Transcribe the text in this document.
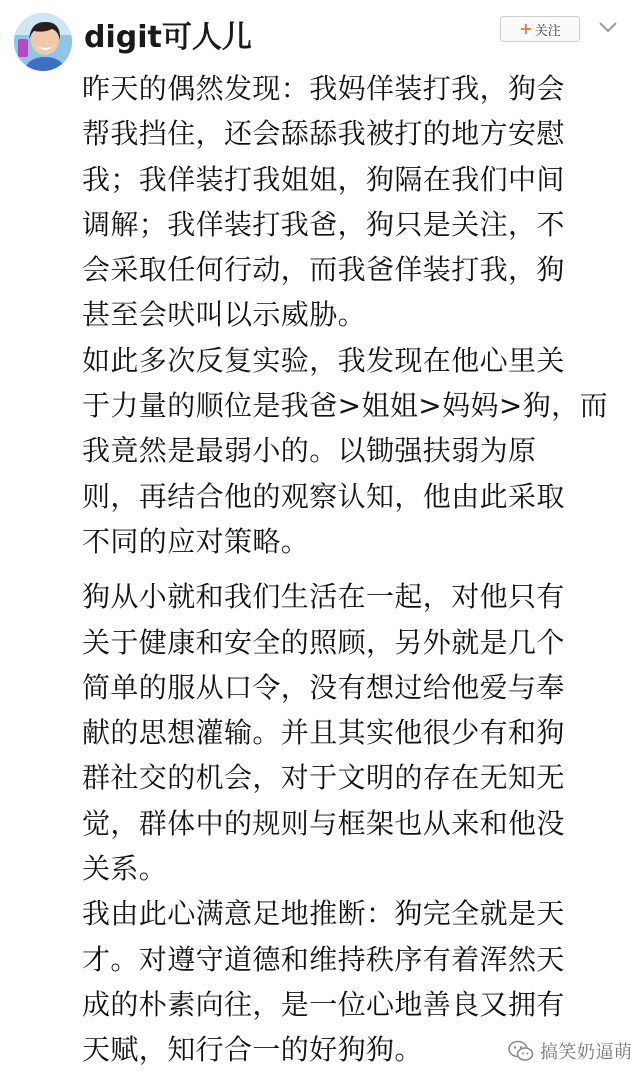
digit可人儿	+ 关注
昨天的偶然发现：我妈佯装打我，狗会
帮我挡住，还会舔舔我被打的地方安慰
我；我佯装打我姐姐，狗隔在我们中间
调解；我佯装打我爸，狗只是关注，不
会采取任何行动，而我爸佯装打我，狗
甚至会吠叫以示威胁。
如此多次反复实验，我发现在他心里关
于力量的顺位是我爸>姐姐>妈妈>狗，而
我竟然是最弱小的。以锄强扶弱为原
则，再结合他的观察认知，他由此采取
不同的应对策略。
狗从小就和我们生活在一起，对他只有
关于健康和安全的照顾，另外就是几个
简单的服从口令，没有想过给他爱与奉
献的思想灌输。并且其实他很少有和狗
群社交的机会，对于文明的存在无知无
觉，群体中的规则与框架也从来和他没
关系。
我由此心满意足地推断：狗完全就是天
才。对遵守道德和维持秩序有着浑然天
成的朴素向往，是一位心地善良又拥有
天赋，知行合一的好狗狗。	搞笑奶逼萌
